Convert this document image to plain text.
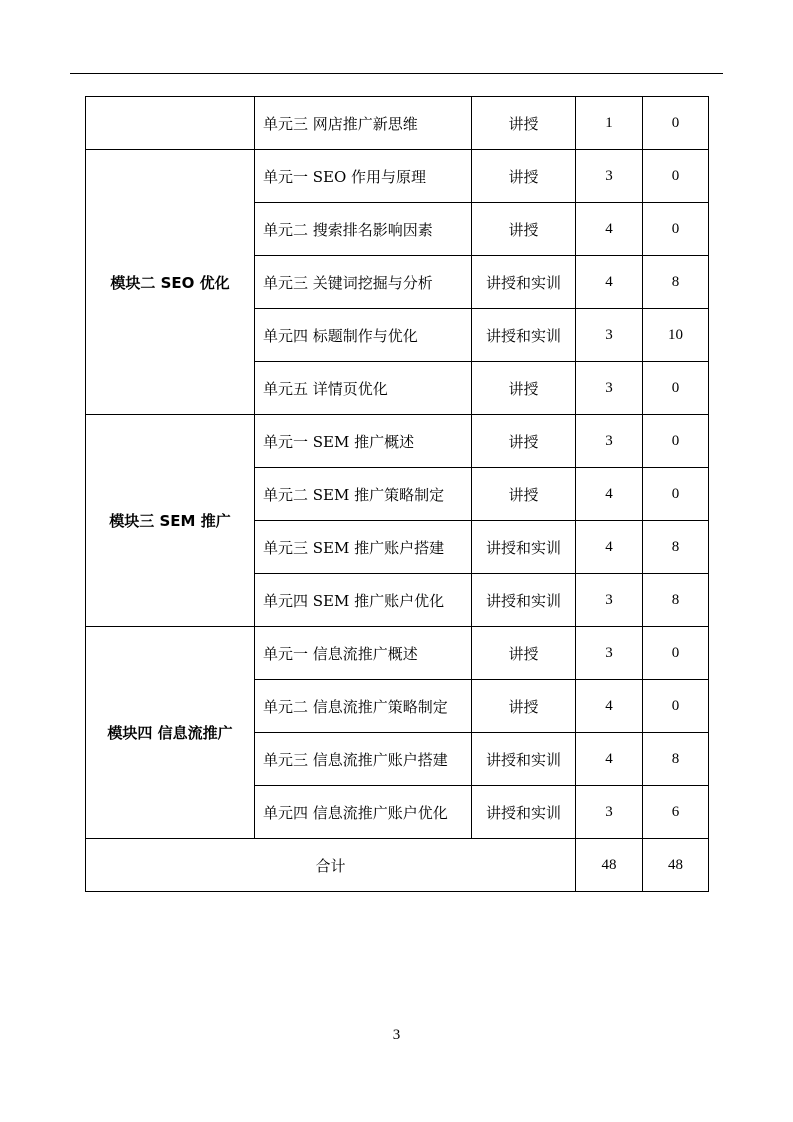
	单元三 网店推广新思维	讲授	1	0
模块二 SEO 优化	单元一 SEO 作用与原理	讲授	3	0
	单元二 搜索排名影响因素	讲授	4	0
	单元三 关键词挖掘与分析	讲授和实训	4	8
	单元四 标题制作与优化	讲授和实训	3	10
	单元五 详情页优化	讲授	3	0
模块三 SEM 推广	单元一 SEM 推广概述	讲授	3	0
	单元二 SEM 推广策略制定	讲授	4	0
	单元三 SEM 推广账户搭建	讲授和实训	4	8
	单元四 SEM 推广账户优化	讲授和实训	3	8
模块四 信息流推广	单元一 信息流推广概述	讲授	3	0
	单元二 信息流推广策略制定	讲授	4	0
	单元三 信息流推广账户搭建	讲授和实训	4	8
	单元四 信息流推广账户优化	讲授和实训	3	6
合计			48	48
3
